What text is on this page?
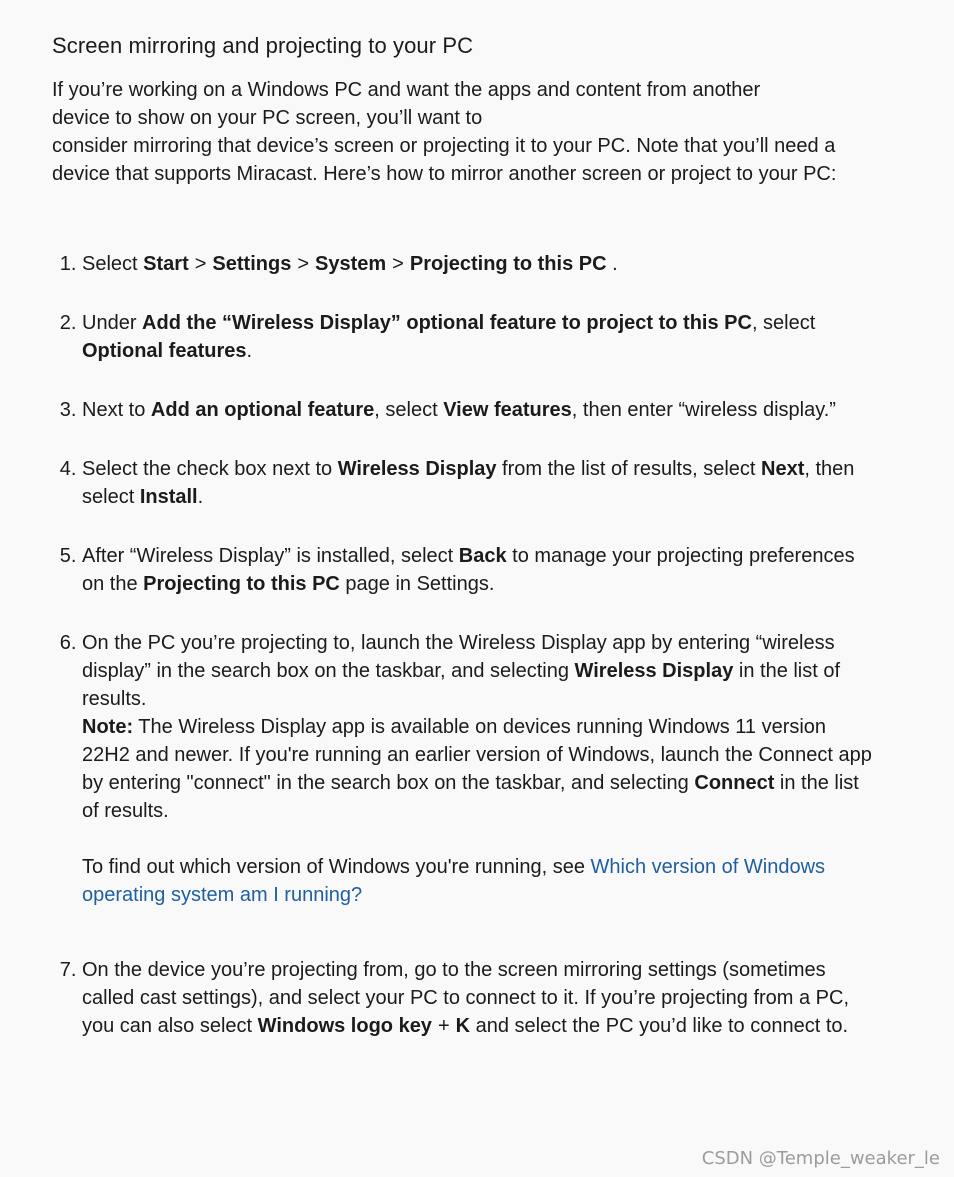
Screen mirroring and projecting to your PC

If you’re working on a Windows PC and want the apps and content from another
device to show on your PC screen, you’ll want to
consider mirroring that device’s screen or projecting it to your PC. Note that you’ll need a device that supports Miracast. Here’s how to mirror another screen or project to your PC:

1. Select Start > Settings > System > Projecting to this PC .
2. Under Add the “Wireless Display” optional feature to project to this PC, select Optional features.
3. Next to Add an optional feature, select View features, then enter “wireless display.”
4. Select the check box next to Wireless Display from the list of results, select Next, then select Install.
5. After “Wireless Display” is installed, select Back to manage your projecting preferences on the Projecting to this PC page in Settings.
6. On the PC you’re projecting to, launch the Wireless Display app by entering “wireless display” in the search box on the taskbar, and selecting Wireless Display in the list of results.
Note: The Wireless Display app is available on devices running Windows 11 version 22H2 and newer. If you're running an earlier version of Windows, launch the Connect app by entering "connect" in the search box on the taskbar, and selecting Connect in the list of results.
To find out which version of Windows you're running, see Which version of Windows operating system am I running?
7. On the device you’re projecting from, go to the screen mirroring settings (sometimes called cast settings), and select your PC to connect to it. If you’re projecting from a PC, you can also select Windows logo key + K and select the PC you’d like to connect to.
CSDN @Temple_weaker_le
